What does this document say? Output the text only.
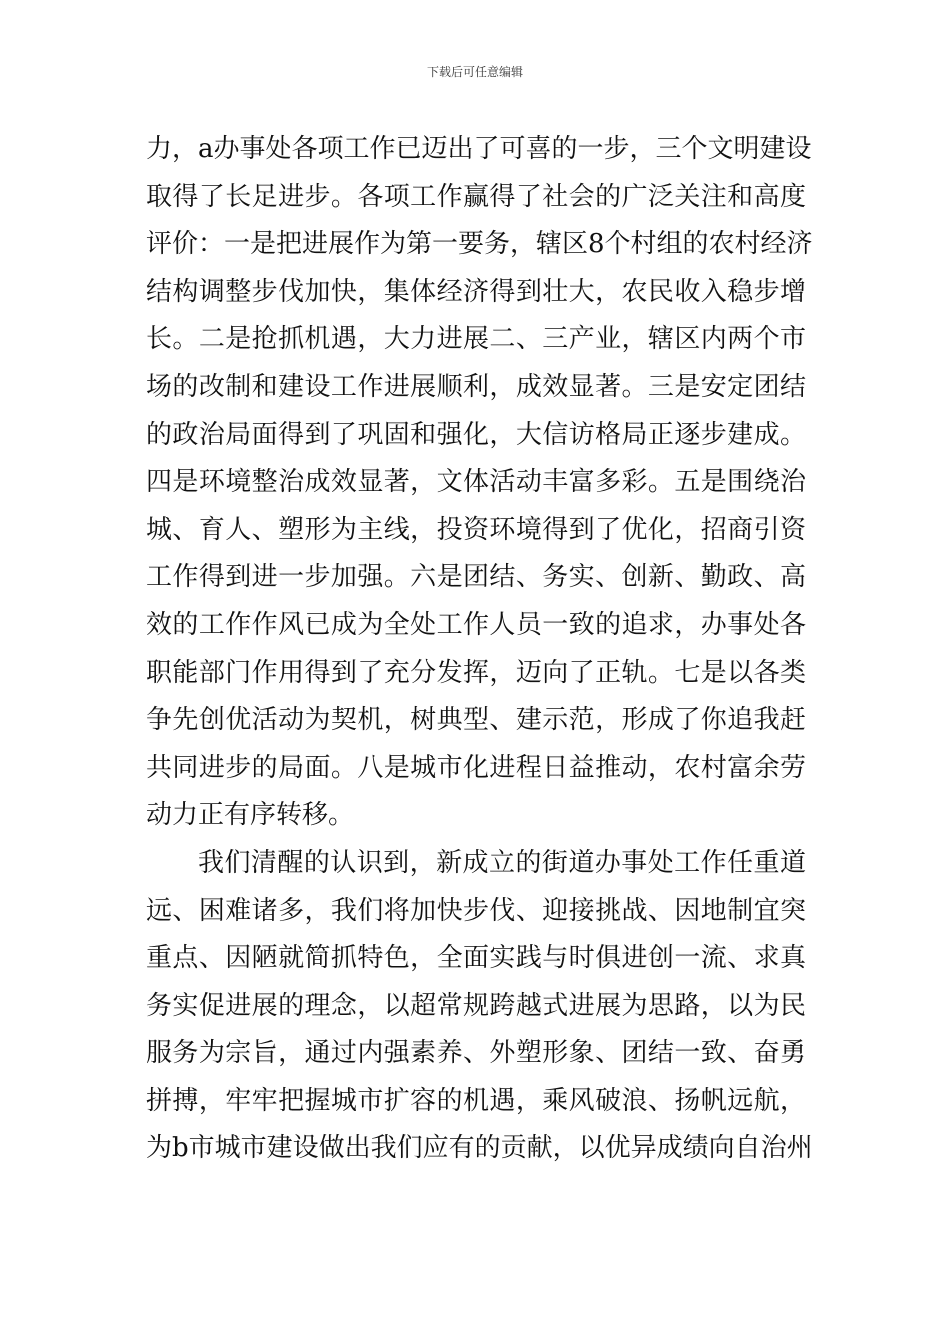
下载后可任意编辑
力，a办事处各项工作已迈出了可喜的一步，三个文明建设
取得了长足进步。各项工作赢得了社会的广泛关注和高度
评价：一是把进展作为第一要务，辖区8个村组的农村经济
结构调整步伐加快，集体经济得到壮大，农民收入稳步增
长。二是抢抓机遇，大力进展二、三产业，辖区内两个市
场的改制和建设工作进展顺利，成效显著。三是安定团结
的政治局面得到了巩固和强化，大信访格局正逐步建成。
四是环境整治成效显著，文体活动丰富多彩。五是围绕治
城、育人、塑形为主线，投资环境得到了优化，招商引资
工作得到进一步加强。六是团结、务实、创新、勤政、高
效的工作作风已成为全处工作人员一致的追求，办事处各
职能部门作用得到了充分发挥，迈向了正轨。七是以各类
争先创优活动为契机，树典型、建示范，形成了你追我赶
共同进步的局面。八是城市化进程日益推动，农村富余劳
动力正有序转移。
我们清醒的认识到，新成立的街道办事处工作任重道
远、困难诸多，我们将加快步伐、迎接挑战、因地制宜突
重点、因陋就简抓特色，全面实践与时俱进创一流、求真
务实促进展的理念，以超常规跨越式进展为思路，以为民
服务为宗旨，通过内强素养、外塑形象、团结一致、奋勇
拼搏，牢牢把握城市扩容的机遇，乘风破浪、扬帆远航，
为b市城市建设做出我们应有的贡献，以优异成绩向自治州
